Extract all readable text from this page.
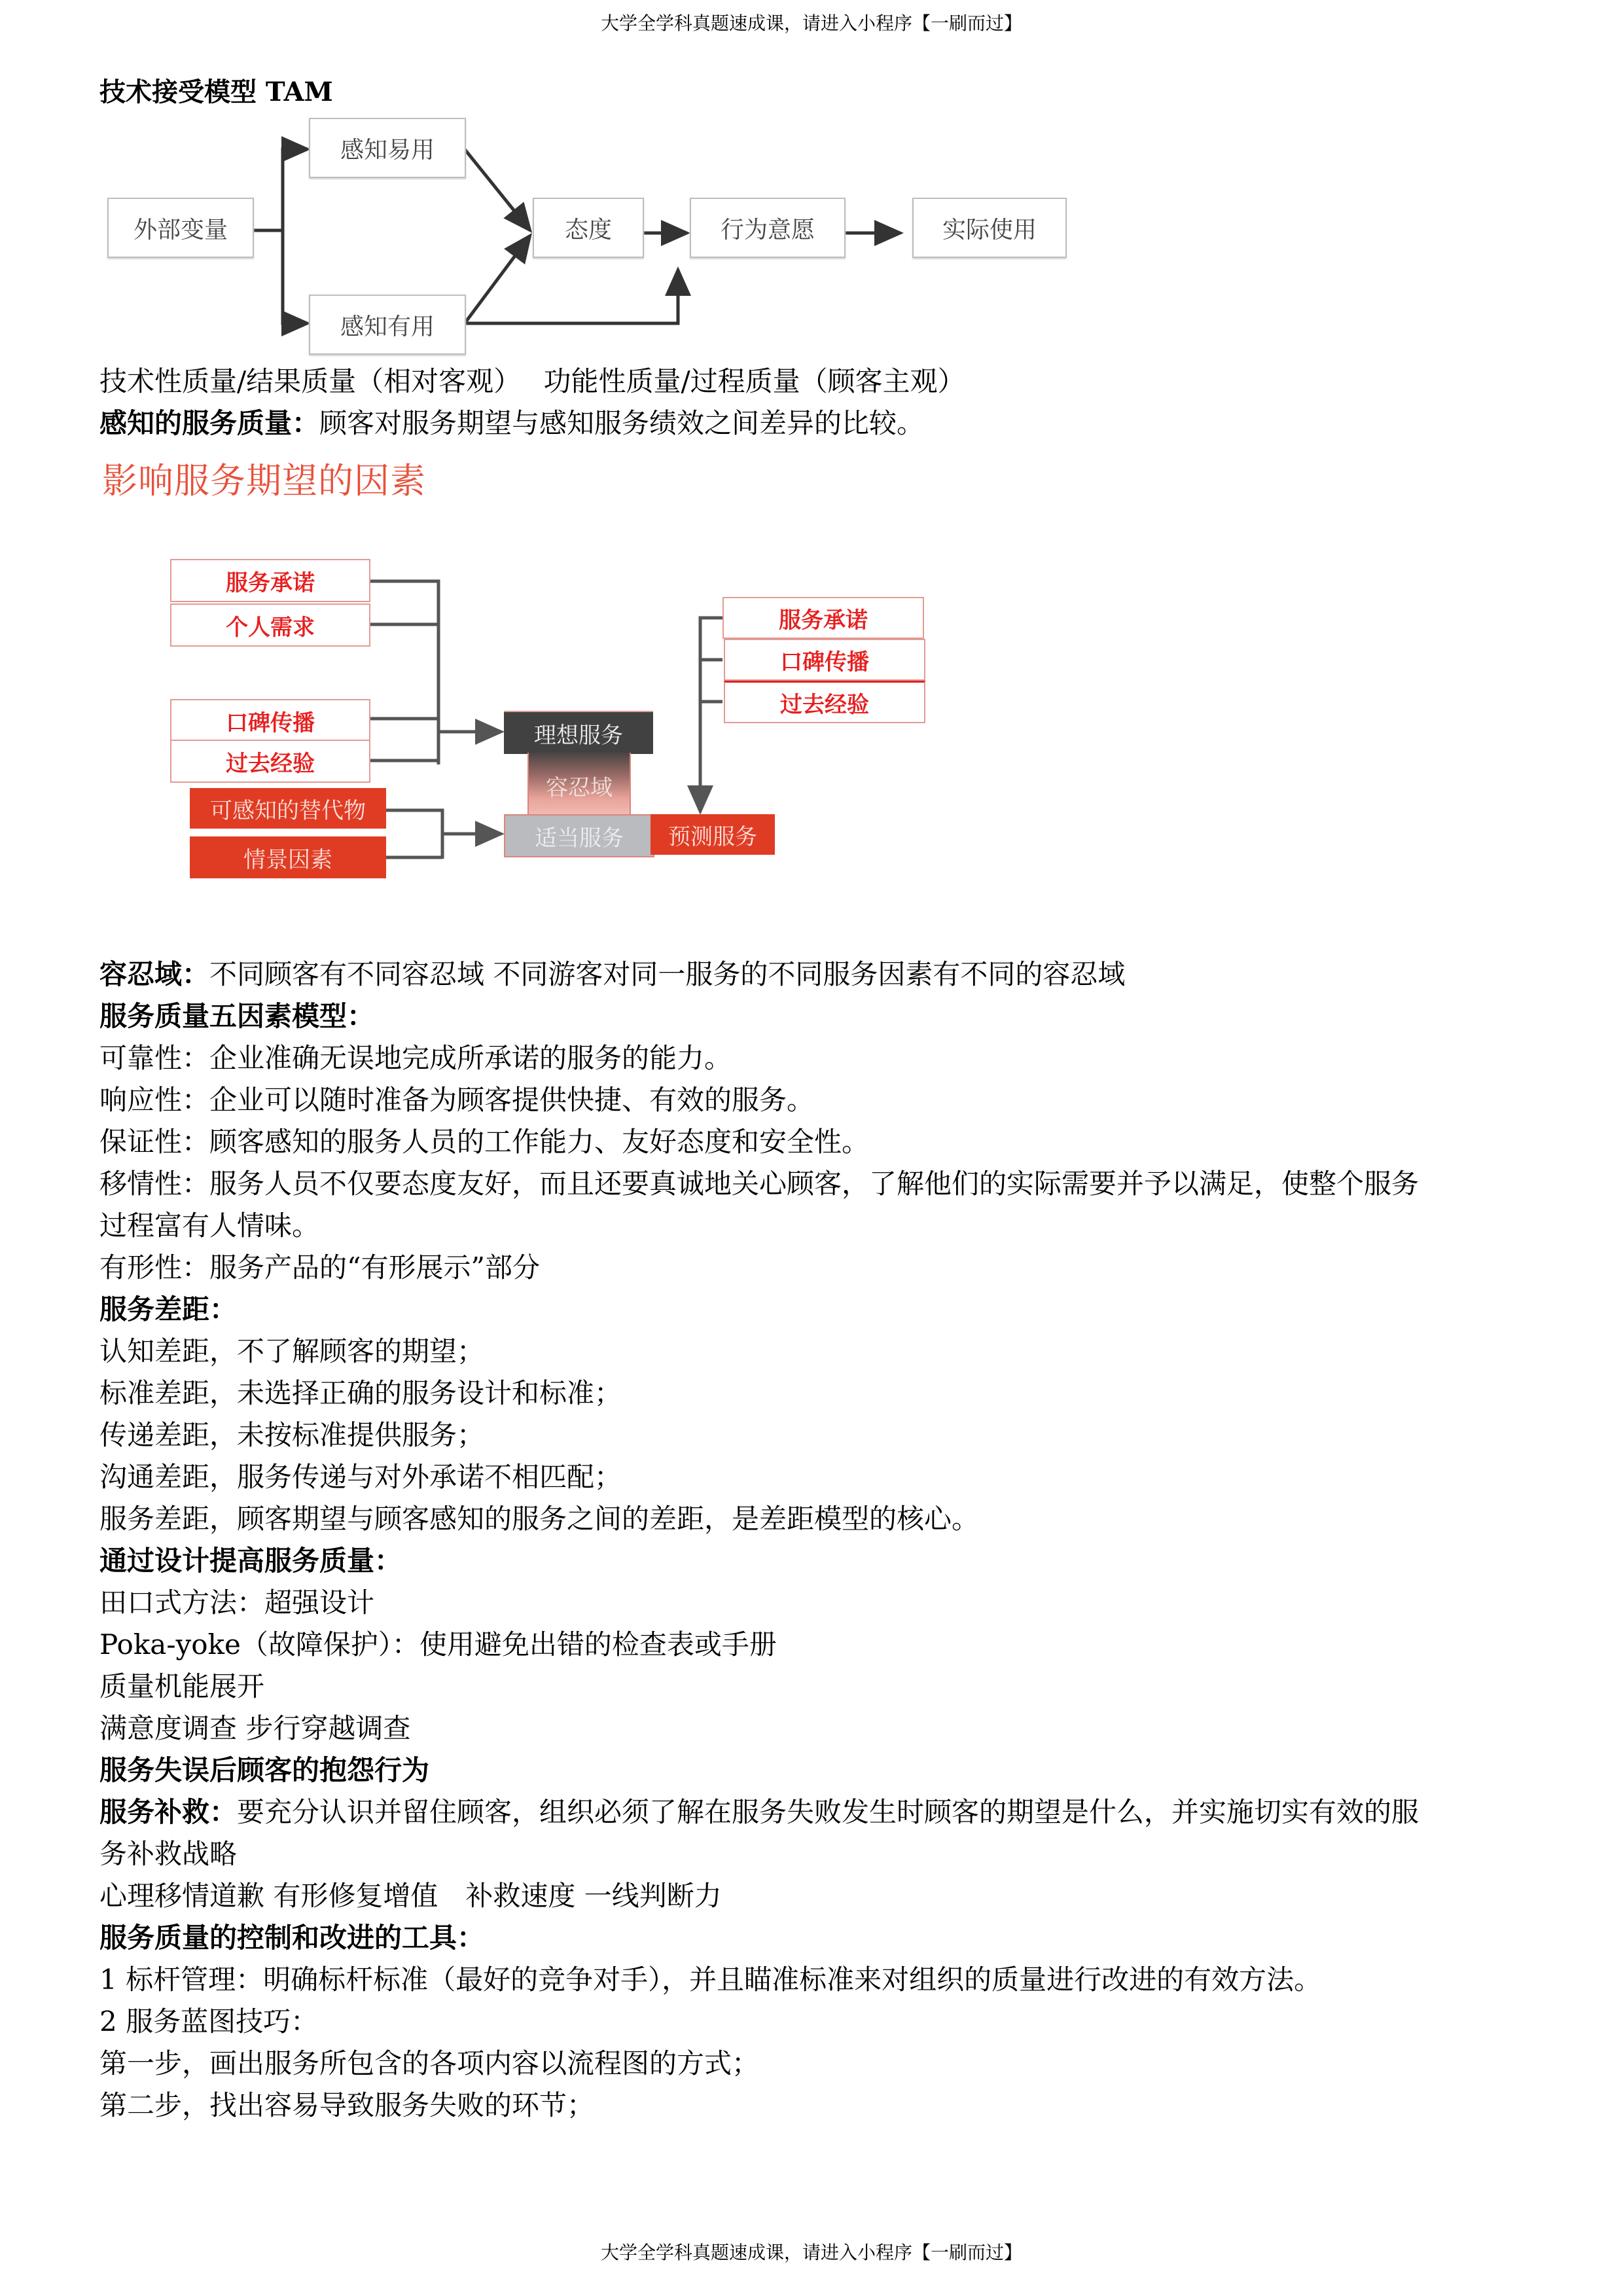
大学全学科真题速成课，请进入小程序【一刷而过】
技术接受模型 TAM
外部变量
感知易用
感知有用
态度	行为意愿	实际使用
技术性质量/结果质量（相对客观）　 功能性质量/过程质量（顾客主观）
感知的服务质量：顾客对服务期望与感知服务绩效之间差异的比较。
影响服务期望的因素
服务承诺
个人需求
口碑传播
过去经验
服务承诺
口碑传播
过去经验
可感知的替代物
情景因素
理想服务
容忍域
适当服务	预测服务
容忍域：不同顾客有不同容忍域 不同游客对同一服务的不同服务因素有不同的容忍域
服务质量五因素模型：
可靠性：企业准确无误地完成所承诺的服务的能力。
响应性：企业可以随时准备为顾客提供快捷、有效的服务。
保证性：顾客感知的服务人员的工作能力、友好态度和安全性。
移情性：服务人员不仅要态度友好，而且还要真诚地关心顾客，了解他们的实际需要并予以满足，使整个服务
过程富有人情味。
有形性：服务产品的“有形展示”部分
服务差距：
认知差距，不了解顾客的期望；
标准差距，未选择正确的服务设计和标准；
传递差距，未按标准提供服务；
沟通差距，服务传递与对外承诺不相匹配；
服务差距，顾客期望与顾客感知的服务之间的差距，是差距模型的核心。
通过设计提高服务质量：
田口式方法：超强设计
Poka-yoke（故障保护）：使用避免出错的检查表或手册
质量机能展开
满意度调查 步行穿越调查
服务失误后顾客的抱怨行为
服务补救：要充分认识并留住顾客，组织必须了解在服务失败发生时顾客的期望是什么，并实施切实有效的服
务补救战略
心理移情道歉 有形修复增值　补救速度 一线判断力
服务质量的控制和改进的工具：
1 标杆管理：明确标杆标准（最好的竞争对手），并且瞄准标准来对组织的质量进行改进的有效方法。
2 服务蓝图技巧：
第一步，画出服务所包含的各项内容以流程图的方式；
第二步，找出容易导致服务失败的环节；
大学全学科真题速成课，请进入小程序【一刷而过】
